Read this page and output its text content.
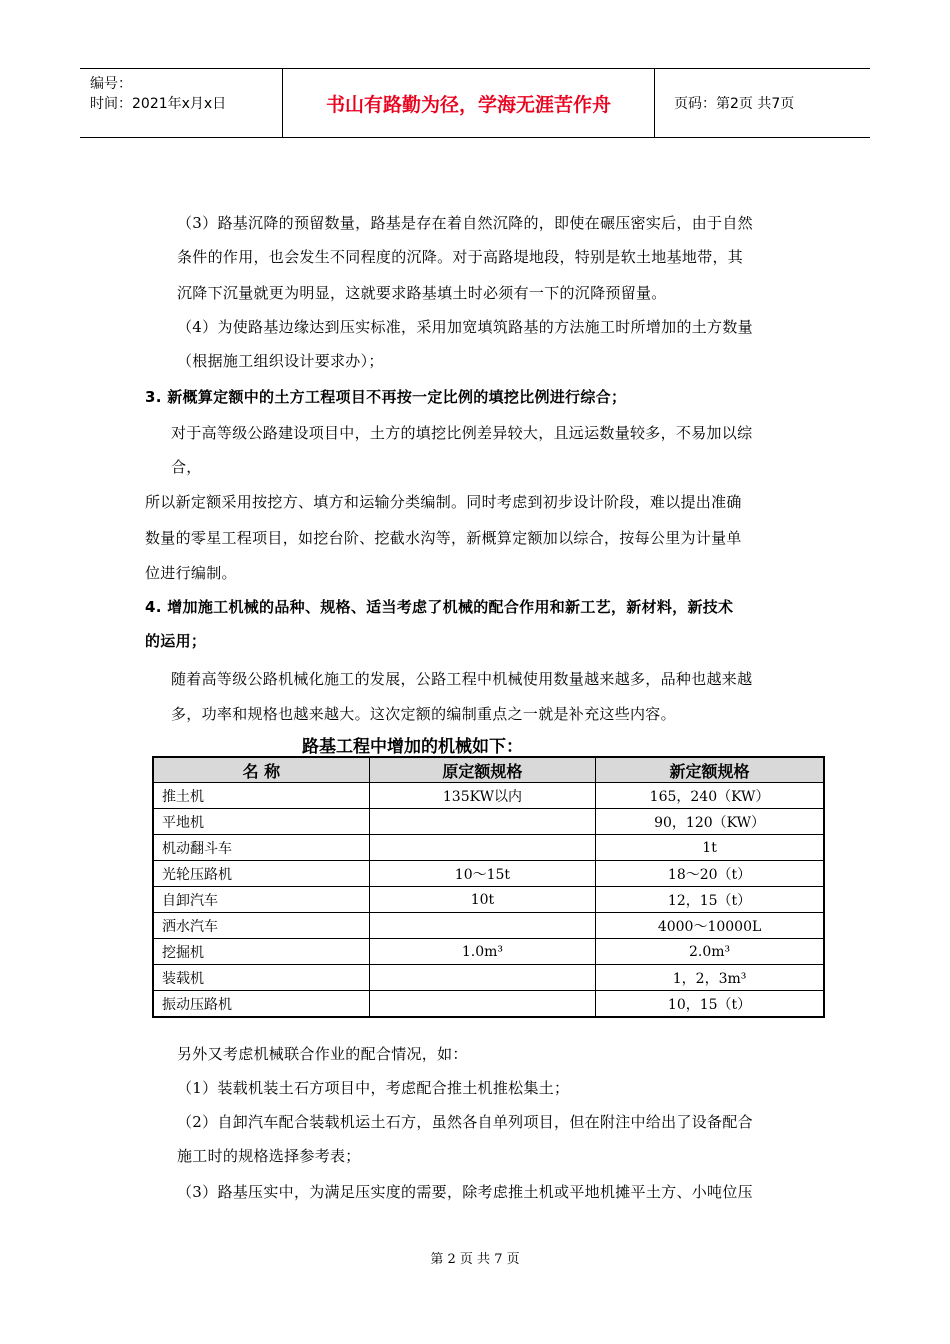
编号：
时间：2021年x月x日	书山有路勤为径，学海无涯苦作舟	页码：第2页 共7页
（3）路基沉降的预留数量，路基是存在着自然沉降的，即使在碾压密实后，由于自然
条件的作用，也会发生不同程度的沉降。对于高路堤地段，特别是软土地基地带，其
沉降下沉量就更为明显，这就要求路基填土时必须有一下的沉降预留量。
（4）为使路基边缘达到压实标准，采用加宽填筑路基的方法施工时所增加的土方数量
（根据施工组织设计要求办）；
3. 新概算定额中的土方工程项目不再按一定比例的填挖比例进行综合；
对于高等级公路建设项目中，土方的填挖比例差异较大，且远运数量较多，不易加以综
合，
所以新定额采用按挖方、填方和运输分类编制。同时考虑到初步设计阶段，难以提出准确
数量的零星工程项目，如挖台阶、挖截水沟等，新概算定额加以综合，按每公里为计量单
位进行编制。
4. 增加施工机械的品种、规格、适当考虑了机械的配合作用和新工艺，新材料，新技术
的运用；
随着高等级公路机械化施工的发展，公路工程中机械使用数量越来越多，品种也越来越
多，功率和规格也越来越大。这次定额的编制重点之一就是补充这些内容。
路基工程中增加的机械如下：
名 称	原定额规格	新定额规格
推土机	135KW以内	165，240（KW）
平地机		90，120（KW）
机动翻斗车		1t
光轮压路机	10～15t	18～20（t）
自卸汽车	10t	12，15（t）
洒水汽车		4000～10000L
挖掘机	1.0m³	2.0m³
装载机		1，2，3m³
振动压路机		10，15（t）
另外又考虑机械联合作业的配合情况，如：
（1）装载机装土石方项目中，考虑配合推土机推松集土；
（2）自卸汽车配合装载机运土石方，虽然各自单列项目，但在附注中给出了设备配合
施工时的规格选择参考表；
（3）路基压实中，为满足压实度的需要，除考虑推土机或平地机摊平土方、小吨位压
第 2 页 共 7 页
